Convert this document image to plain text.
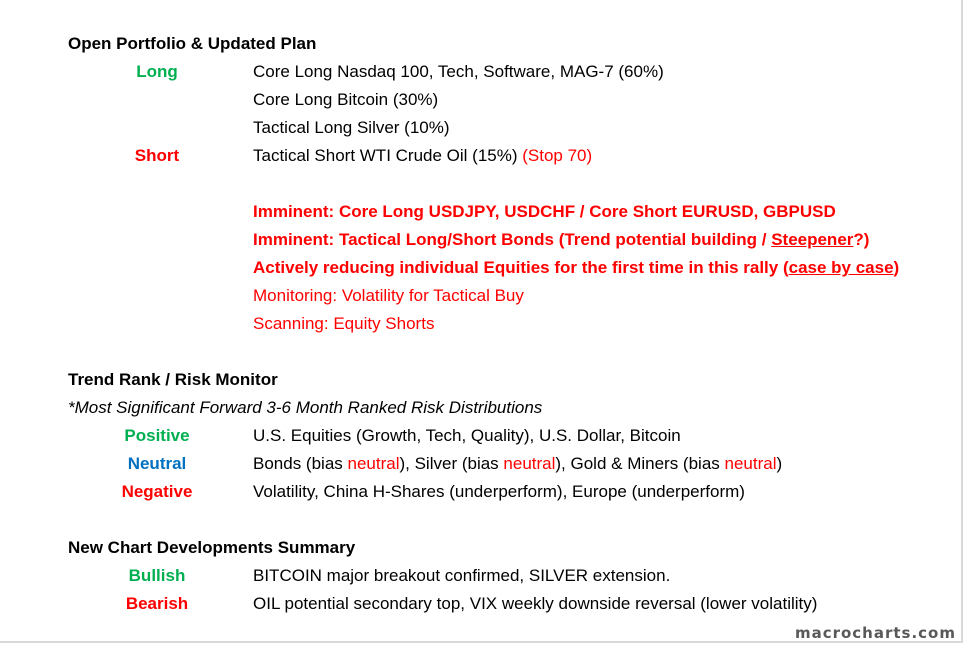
Open Portfolio & Updated Plan
Long	Core Long Nasdaq 100, Tech, Software, MAG-7 (60%)
Core Long Bitcoin (30%)
Tactical Long Silver (10%)
Short	Tactical Short WTI Crude Oil (15%) (Stop 70)
Imminent: Core Long USDJPY, USDCHF / Core Short EURUSD, GBPUSD
Imminent: Tactical Long/Short Bonds (Trend potential building / Steepener?)
Actively reducing individual Equities for the first time in this rally (case by case)
Monitoring: Volatility for Tactical Buy
Scanning: Equity Shorts
Trend Rank / Risk Monitor
*Most Significant Forward 3-6 Month Ranked Risk Distributions
Positive	U.S. Equities (Growth, Tech, Quality), U.S. Dollar, Bitcoin
Neutral	Bonds (bias neutral), Silver (bias neutral), Gold & Miners (bias neutral)
Negative	Volatility, China H-Shares (underperform), Europe (underperform)
New Chart Developments Summary
Bullish	BITCOIN major breakout confirmed, SILVER extension.
Bearish	OIL potential secondary top, VIX weekly downside reversal (lower volatility)
macrocharts.com
